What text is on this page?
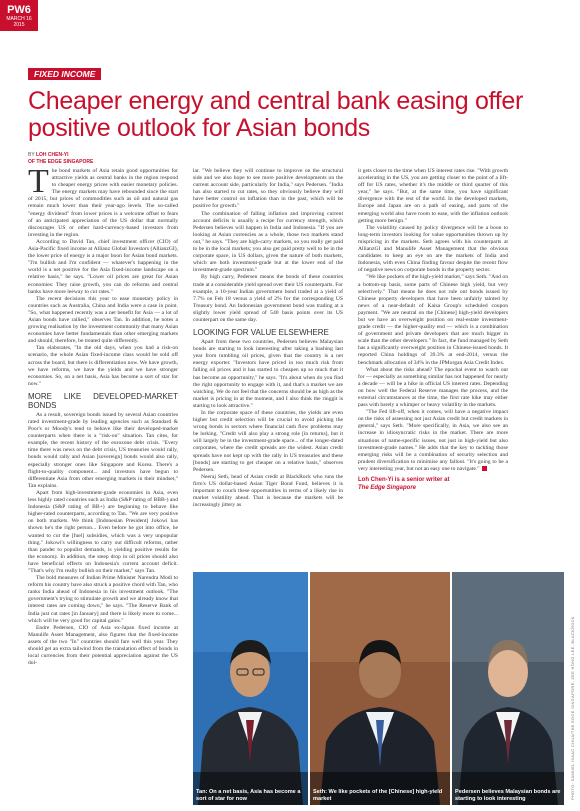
PW6
MARCH 16
2015
FIXED INCOME
Cheaper energy and central bank easing offer positive outlook for Asian bonds
BY LOH CHEN-YI
OF THE EDGE SINGAPORE

The bond markets of Asia retain good opportunities for attractive yields as central banks in the region respond to cheaper energy prices with easier monetary policies. The energy markets may have rebounded since the start of 2015, but prices of commodities such as oil and natural gas remain much lower than their year-ago levels. The so-called "energy dividend" from lower prices is a welcome offset to fears of an anticipated appreciation of the US dollar that normally discourages US or other hard-currency-based investors from investing in the region.

According to David Tan, chief investment officer (CIO) of Asia-Pacific fixed income at Allianz Global Investors (AllianzGI), the lower price of energy is a major boon for Asian bond markets. "I'm bullish and I'm confident — whatever's happening in the world is a net positive for the Asia fixed-income landscape on a relative basis," he says. "Lower oil prices are great for Asian economies: They raise growth, you can do reforms and central banks have more leeway to cut rates."

The recent decisions this year to ease monetary policy in countries such as Australia, China and India were a case in point. "So, what happened recently was a net benefit for Asia — a lot of Asian bonds have rallied," observes Tan. In addition, he notes a growing realisation by the investment community that many Asian economies have better fundamentals than other emerging markets and should, therefore, be treated quite differently.

Tan elaborates, "In the old days, when you had a risk-on scenario, the whole Asian fixed-income class would be sold off across the board, but there is differentiation now. We have growth, we have reforms, we have the yields and we have stronger economies. So, on a net basis, Asia has become a sort of star for now."

MORE LIKE DEVELOPED-MARKET BONDS

As a result, sovereign bonds issued by several Asian countries rated investment-grade by leading agencies such as Standard & Poor's or Moody's tend to behave like their developed-market counterparts when there is a "risk-on" situation. Tan cites, for example, the recent history of the eurozone debt crisis. "Every time there was news on the debt crisis, US treasuries would rally, bonds would rally and Asian [sovereign] bonds would also rally, especially stronger ones like Singapore and Korea. There's a flight-to-quality component... and investors have begun to differentiate Asia from other emerging markets in their mindset," Tan explains.

Apart from high-investment-grade economies in Asia, even less highly rated countries such as India (S&P rating of BBB-) and Indonesia (S&P rating of BB+) are beginning to behave like higher-rated counterparts, according to Tan. "We are very positive on both markets. We think [Indonesian President] Jokowi has shown he's the right person... Even before he got into office, he wanted to cut the [fuel] subsidies, which was a very unpopular thing." Jokowi's willingness to carry out difficult reforms, rather than pander to populist demands, is yielding positive results for the economy. In addition, the steep drop in oil prices should also have beneficial effects on Indonesia's current account deficit. "That's why I'm really bullish on their market," says Tan.

The bold measures of Indian Prime Minister Narendra Modi to reform his country have also struck a positive chord with Tan, who ranks India ahead of Indonesia in his investment outlook. "The government's trying to stimulate growth and we already know that interest rates are coming down," he says. "The Reserve Bank of India just cut rates [in January] and there is likely more to come... which will be very good for capital gains."

Endre Pedersen, CIO of Asia ex-Japan fixed income at Manulife Asset Management, also figures that the fixed-income assets of the two "In" countries should fare well this year. They should get an extra tailwind from the translation effect of bonds in local currencies from their potential appreciation against the US dol-

lar. "We believe they will continue to improve on the structural side and we also hope to see more positive developments on the current account side, particularly for India," says Pedersen. "India has also started to cut rates, so they obviously believe they will have better control on inflation than in the past, which will be positive for growth."

The combination of falling inflation and improving current account deficits is usually a recipe for currency strength, which Pedersen believes will happen in India and Indonesia. "If you are looking at Asian currencies as a whole, those two markets stand out," he says. "They are high-carry markets, so you really get paid to be in the local markets; you also get paid pretty well to be in the corporate space, in US dollars, given the nature of both markets, which are both investment-grade but at the lower end of the investment-grade spectrum."

By high carry, Pedersen means the bonds of these countries trade at a considerable yield spread over their US counterparts. For example, a 10-year Indian government bond traded at a yield of 7.7% on Feb 18 versus a yield of 2% for the corresponding US Treasury bond. An Indonesian government bond was trading at a slightly lower yield spread of 540 basis points over its US counterpart on the same day.

LOOKING FOR VALUE ELSEWHERE

Apart from these two countries, Pedersen believes Malaysian bonds are starting to look interesting after taking a bashing last year from tumbling oil prices, given that the country is a net energy exporter. "Investors have priced in too much risk from falling oil prices and it has started to cheapen up so much that it has become an opportunity," he says. "It's about when do you find the right opportunity to engage with it, and that's a market we are watching. We do not feel that the concerns should be as high as the market is pricing in at the moment, and I also think the ringgit is starting to look attractive."

In the corporate space of these countries, the yields are even higher but credit selection will be crucial to avoid picking the wrong bonds in sectors where financial cash flow problems may be lurking. "Credit will also play a strong role [in returns], but it will largely be in the investment-grade space... of the longer-dated corporates, where the credit spreads are the widest. Asian credit spreads have not kept up with the rally in US treasuries and these [bonds] are starting to get cheaper on a relative basis," observes Pedersen.

Neeraj Seth, head of Asian credit at BlackRock who runs the firm's US dollar-based Asian Tiger Bond Fund, believes it is important to couch these opportunities in terms of a likely rise in market volatility ahead. That is because the markets will be increasingly jittery as

it gets closer to the time when US interest rates rise. "With growth accelerating in the US, you are getting closer to the point of a lift-off for US rates, whether it's the middle or third quarter of this year," he says. "But, at the same time, you have significant divergence with the rest of the world. In the developed markets, Europe and Japan are on a path of easing, and parts of the emerging world also have room to ease, with the inflation outlook getting more benign."

The volatility caused by policy divergence will be a boon to long-term investors looking for value opportunities thrown up by mispricing in the markets. Seth agrees with his counterparts at AllianzGI and Manulife Asset Management that the obvious candidates to keep an eye on are the markets of India and Indonesia, with even China finding favour despite the recent flow of negative news on corporate bonds in the property sector.

"We like pockets of the high-yield market," says Seth. "And on a bottom-up basis, some parts of Chinese high yield, but very selectively." That means he does not rule out bonds issued by Chinese property developers that have been unfairly tainted by news of a near-default of Kaisa Group's scheduled coupon payment. "We are neutral on the [Chinese] high-yield developers but we have an overweight position on real-estate investment-grade credit — the higher-quality end — which is a combination of government and private developers that are much bigger in scale than the other developers." In fact, the fund managed by Seth has a significantly overweight position in Chinese-issued bonds. It reported China holdings of 39.3% at end-2014, versus the benchmark allocation of 34% in the JPMorgan Asia Credit Index.

What about the risks ahead? The epochal event to watch out for — especially as something similar has not happened for nearly a decade — will be a hike in official US interest rates. Depending on how well the Federal Reserve manages the process, and the external circumstances at the time, the first rate hike may either pass with barely a whimper or heavy volatility in the markets.

"The Fed lift-off, when it comes, will have a negative impact on the risks of assessing not just Asian credit but credit markets in general," says Seth. "More specifically, in Asia, we also see an increase in idiosyncratic risks in the market. There are more situations of name-specific issues, not just in high-yield but also investment-grade names." He adds that the key to tackling those emerging risks will be a combination of security selection and prudent diversification to minimise any fallout. "It's going to be a very interesting year, but not an easy one to navigate."

Loh Chen-Yi is a senior writer at
The Edge Singapore
Tan: On a net basis, Asia has become a sort of star for now
Seth: We like pockets of the [Chinese] high-yield market
Pedersen believes Malaysian bonds are starting to look interesting	PHOTO: SAMUEL ISAAC CHUA/THE EDGE SINGAPORE, ZEE HONG LEE, BLACKROCK
